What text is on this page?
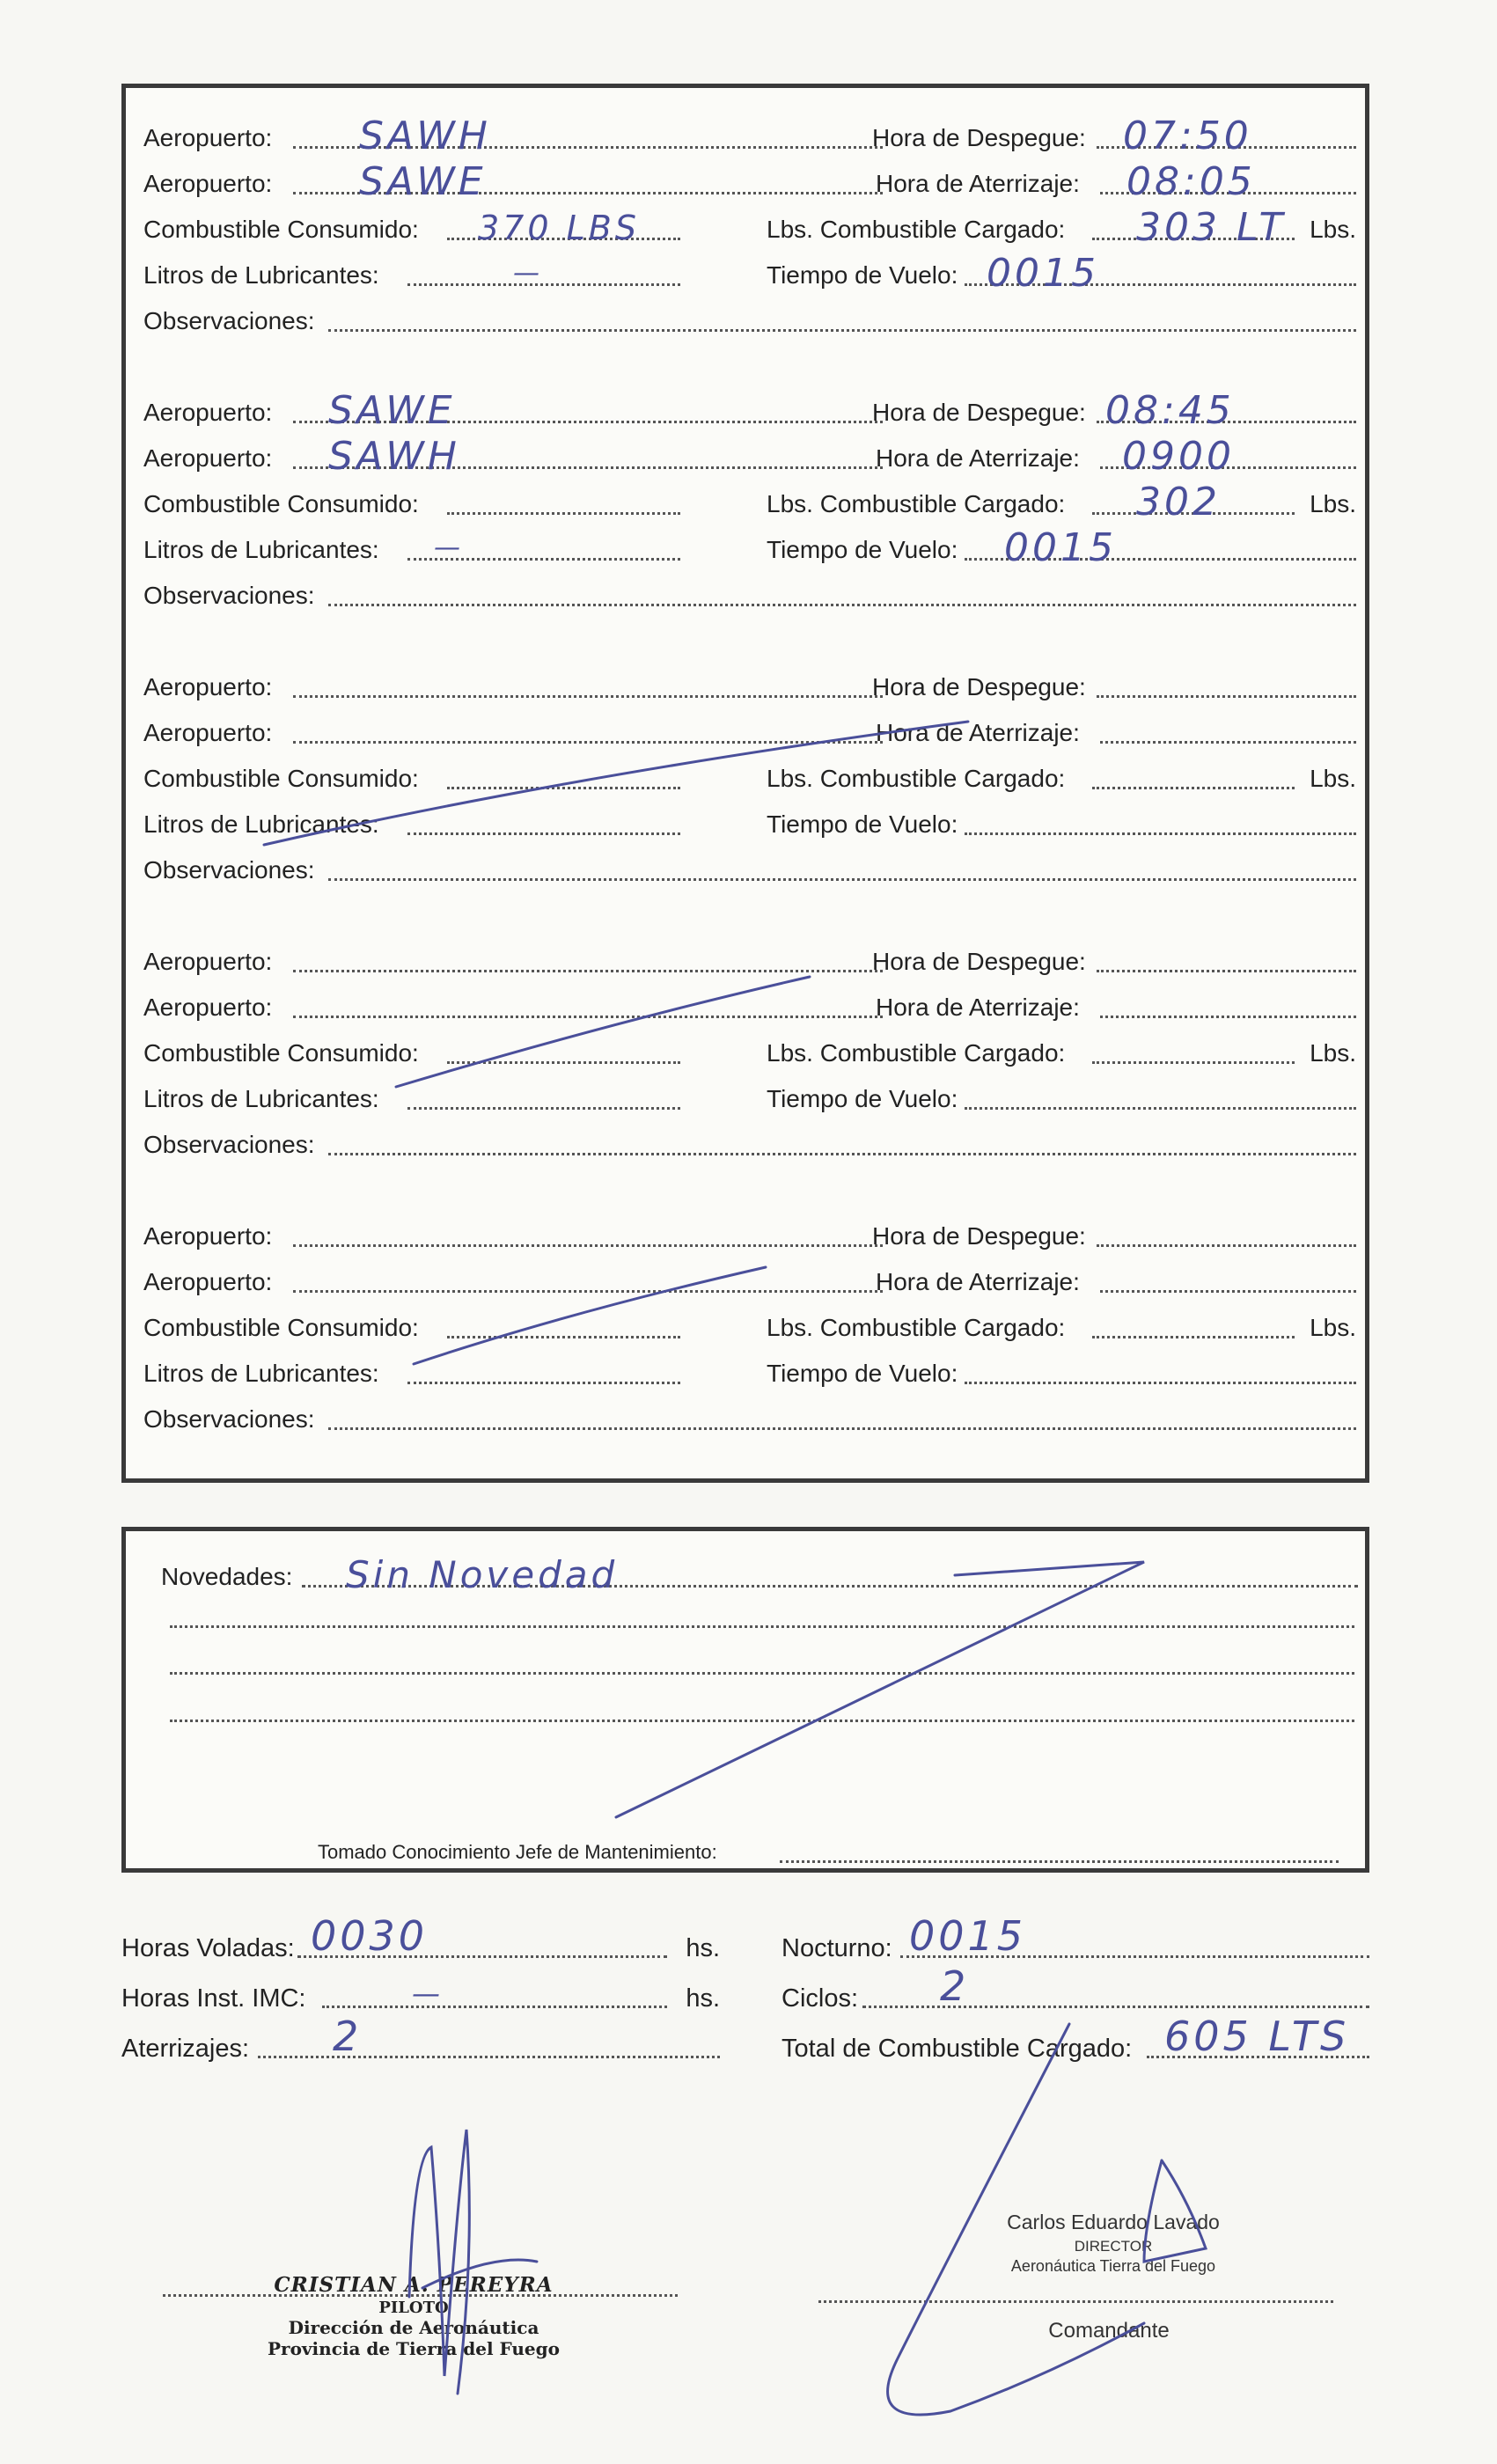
Aeropuerto: SAWH	Hora de Despegue: 07:50
Aeropuerto: SAWE	Hora de Aterrizaje: 08:05
Combustible Consumido: 370 LBS	Lbs. Combustible Cargado: 303 LT Lbs.
Litros de Lubricantes:	—	Tiempo de Vuelo: 0015
Observaciones:
Aeropuerto: SAWE	Hora de Despegue: 08:45
Aeropuerto: SAWH	Hora de Aterrizaje: 0900
Combustible Consumido:	Lbs. Combustible Cargado: 302	Lbs.
Litros de Lubricantes: —	Tiempo de Vuelo: 0015
Observaciones:
Aeropuerto:	Hora de Despegue:
Aeropuerto:	Hora de Aterrizaje:
Combustible Consumido:	Lbs. Combustible Cargado:	Lbs.
Litros de Lubricantes:	Tiempo de Vuelo:
Observaciones:
Aeropuerto:	Hora de Despegue:
Aeropuerto:	Hora de Aterrizaje:
Combustible Consumido:	Lbs. Combustible Cargado:	Lbs.
Litros de Lubricantes:	Tiempo de Vuelo:
Observaciones:
Aeropuerto:	Hora de Despegue:
Aeropuerto:	Hora de Aterrizaje:
Combustible Consumido:	Lbs. Combustible Cargado:	Lbs.
Litros de Lubricantes:	Tiempo de Vuelo:
Observaciones:
Novedades: Sin Novedad
Tomado Conocimiento Jefe de Mantenimiento:
Horas Voladas: 0030	hs.
Horas Inst. IMC:	—	hs.
Aterrizajes: 2
Nocturno: 0015
Ciclos: 2
Total de Combustible Cargado: 605 LTS
CRISTIAN A. PEREYRA
PILOTO
Dirección de Aeronáutica
Provincia de Tierra del Fuego
Carlos Eduardo Lavado
DIRECTOR
Aeronáutica Tierra del Fuego
Comandante
